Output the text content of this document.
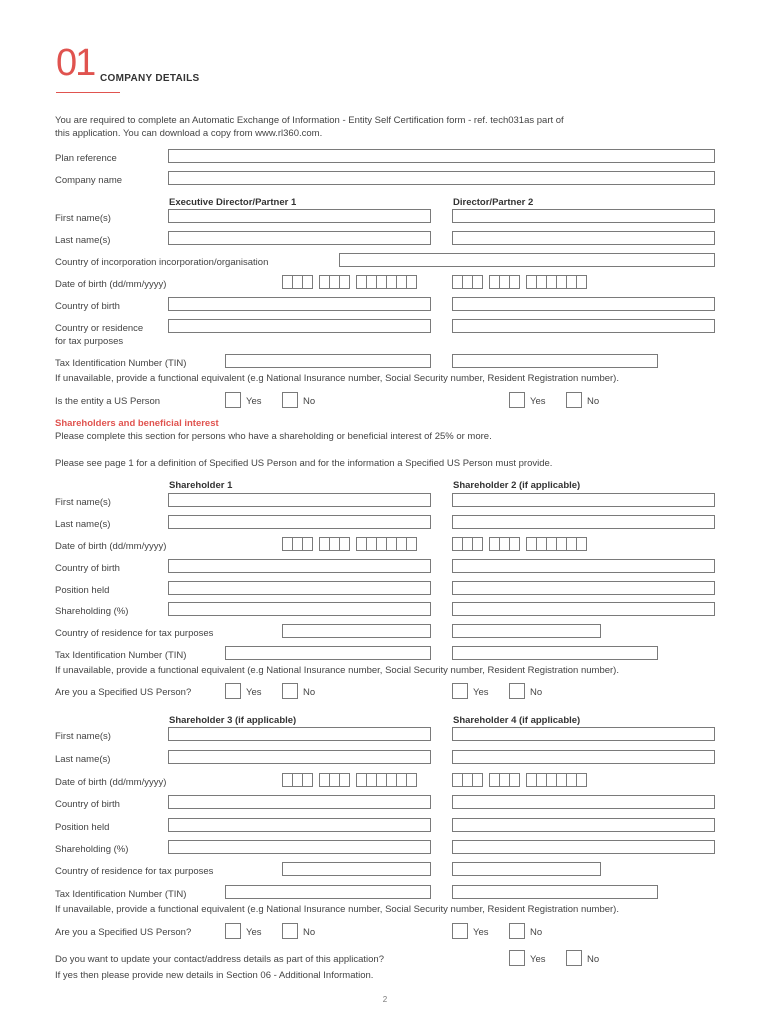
01 COMPANY DETAILS
You are required to complete an Automatic Exchange of Information - Entity Self Certification form - ref. tech031as part of
this application. You can download a copy from www.rl360.com.
Plan reference
Company name
Executive Director/Partner 1	Director/Partner 2
First name(s)
Last name(s)
Country of incorporation incorporation/organisation
Date of birth (dd/mm/yyyy)
Country of birth
Country or residence
for tax purposes
Tax Identification Number (TIN)
If unavailable, provide a functional equivalent (e.g National Insurance number, Social Security number, Resident Registration number).
Is the entity a US Person	Yes	No	Yes	No
Shareholders and beneficial interest
Please complete this section for persons who have a shareholding or beneficial interest of 25% or more.
Please see page 1 for a definition of Specified US Person and for the information a Specified US Person must provide.
Shareholder 1	Shareholder 2 (if applicable)
First name(s)
Last name(s)
Date of birth (dd/mm/yyyy)
Country of birth
Position held
Shareholding (%)
Country of residence for tax purposes
Tax Identification Number (TIN)
If unavailable, provide a functional equivalent (e.g National Insurance number, Social Security number, Resident Registration number).
Are you a Specified US Person?	Yes	No	Yes	No
Shareholder 3 (if applicable)	Shareholder 4 (if applicable)
First name(s)
Last name(s)
Date of birth (dd/mm/yyyy)
Country of birth
Position held
Shareholding (%)
Country of residence for tax purposes
Tax Identification Number (TIN)
If unavailable, provide a functional equivalent (e.g National Insurance number, Social Security number, Resident Registration number).
Are you a Specified US Person?	Yes	No	Yes	No
Do you want to update your contact/address details as part of this application?	Yes	No
If yes then please provide new details in Section 06 - Additional Information.
2
